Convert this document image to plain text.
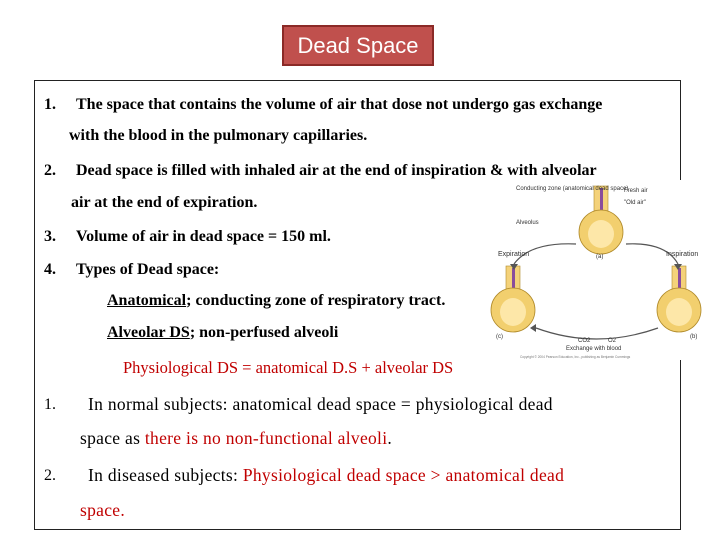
Dead Space
1. The space that contains the volume of air that dose not undergo gas exchange
with the blood in the pulmonary capillaries.
2. Dead space is filled with inhaled air at the end of inspiration & with alveolar
air at the end of expiration.
3. Volume of air in dead space = 150 ml.
4. Types of Dead space:
Anatomical; conducting zone of respiratory tract.
Alveolar DS; non-perfused alveoli
Physiological DS = anatomical D.S + alveolar DS
1. In normal subjects: anatomical dead space = physiological dead
space as there is no non-functional alveoli.
2. In diseased subjects: Physiological dead space > anatomical dead
space.
Conducting zone (anatomical dead space)
Fresh air
"Old air"
Alveolus
Expiration	Inspiration
(a)
(b)
(c)
CO2	O2
Exchange with blood
Copyright © 2004 Pearson Education, Inc., publishing as Benjamin Cummings
